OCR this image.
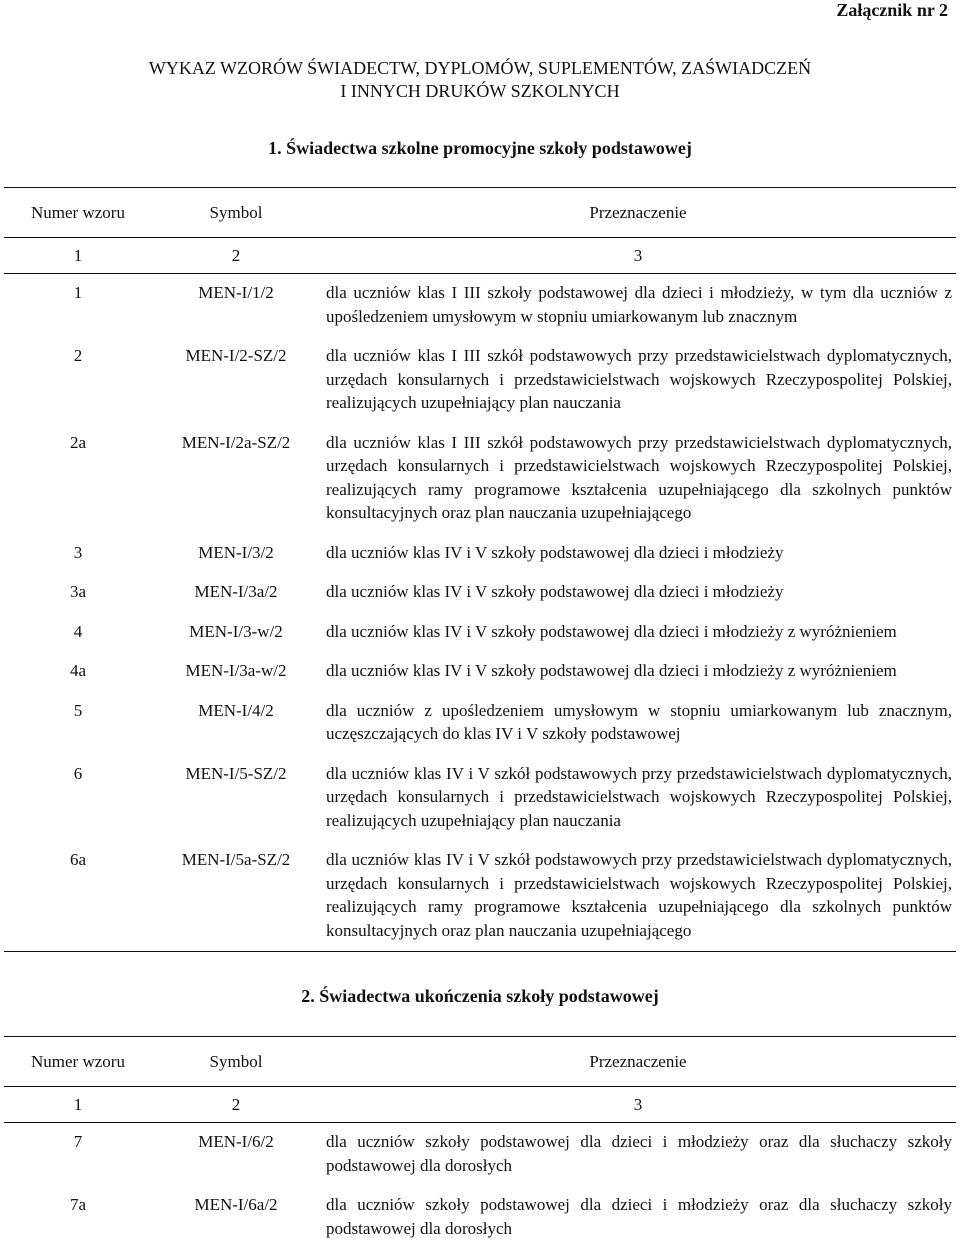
Załącznik nr 2
WYKAZ WZORÓW ŚWIADECTW, DYPLOMÓW, SUPLEMENTÓW, ZAŚWIADCZEŃ
I INNYCH DRUKÓW SZKOLNYCH
1. Świadectwa szkolne promocyjne szkoły podstawowej
Numer wzoru	Symbol	Przeznaczenie
1	2	3
1	MEN-I/1/2	dla uczniów klas I III szkoły podstawowej dla dzieci i młodzieży, w tym dla uczniów z upośledzeniem umysłowym w stopniu umiarkowanym lub znacznym
2	MEN-I/2-SZ/2	dla uczniów klas I III szkół podstawowych przy przedstawicielstwach dyplomatycznych, urzędach konsularnych i przedstawicielstwach wojskowych Rzeczypospolitej Polskiej, realizujących uzupełniający plan nauczania
2a	MEN-I/2a-SZ/2	dla uczniów klas I III szkół podstawowych przy przedstawicielstwach dyplomatycznych, urzędach konsularnych i przedstawicielstwach wojskowych Rzeczypospolitej Polskiej, realizujących ramy programowe kształcenia uzupełniającego dla szkolnych punktów konsultacyjnych oraz plan nauczania uzupełniającego
3	MEN-I/3/2	dla uczniów klas IV i V szkoły podstawowej dla dzieci i młodzieży
3a	MEN-I/3a/2	dla uczniów klas IV i V szkoły podstawowej dla dzieci i młodzieży
4	MEN-I/3-w/2	dla uczniów klas IV i V szkoły podstawowej dla dzieci i młodzieży z wyróżnieniem
4a	MEN-I/3a-w/2	dla uczniów klas IV i V szkoły podstawowej dla dzieci i młodzieży z wyróżnieniem
5	MEN-I/4/2	dla uczniów z upośledzeniem umysłowym w stopniu umiarkowanym lub znacznym, uczęszczających do klas IV i V szkoły podstawowej
6	MEN-I/5-SZ/2	dla uczniów klas IV i V szkół podstawowych przy przedstawicielstwach dyplomatycznych, urzędach konsularnych i przedstawicielstwach wojskowych Rzeczypospolitej Polskiej, realizujących uzupełniający plan nauczania
6a	MEN-I/5a-SZ/2	dla uczniów klas IV i V szkół podstawowych przy przedstawicielstwach dyplomatycznych, urzędach konsularnych i przedstawicielstwach wojskowych Rzeczypospolitej Polskiej, realizujących ramy programowe kształcenia uzupełniającego dla szkolnych punktów konsultacyjnych oraz plan nauczania uzupełniającego
2. Świadectwa ukończenia szkoły podstawowej
Numer wzoru	Symbol	Przeznaczenie
1	2	3
7	MEN-I/6/2	dla uczniów szkoły podstawowej dla dzieci i młodzieży oraz dla słuchaczy szkoły podstawowej dla dorosłych
7a	MEN-I/6a/2	dla uczniów szkoły podstawowej dla dzieci i młodzieży oraz dla słuchaczy szkoły podstawowej dla dorosłych
